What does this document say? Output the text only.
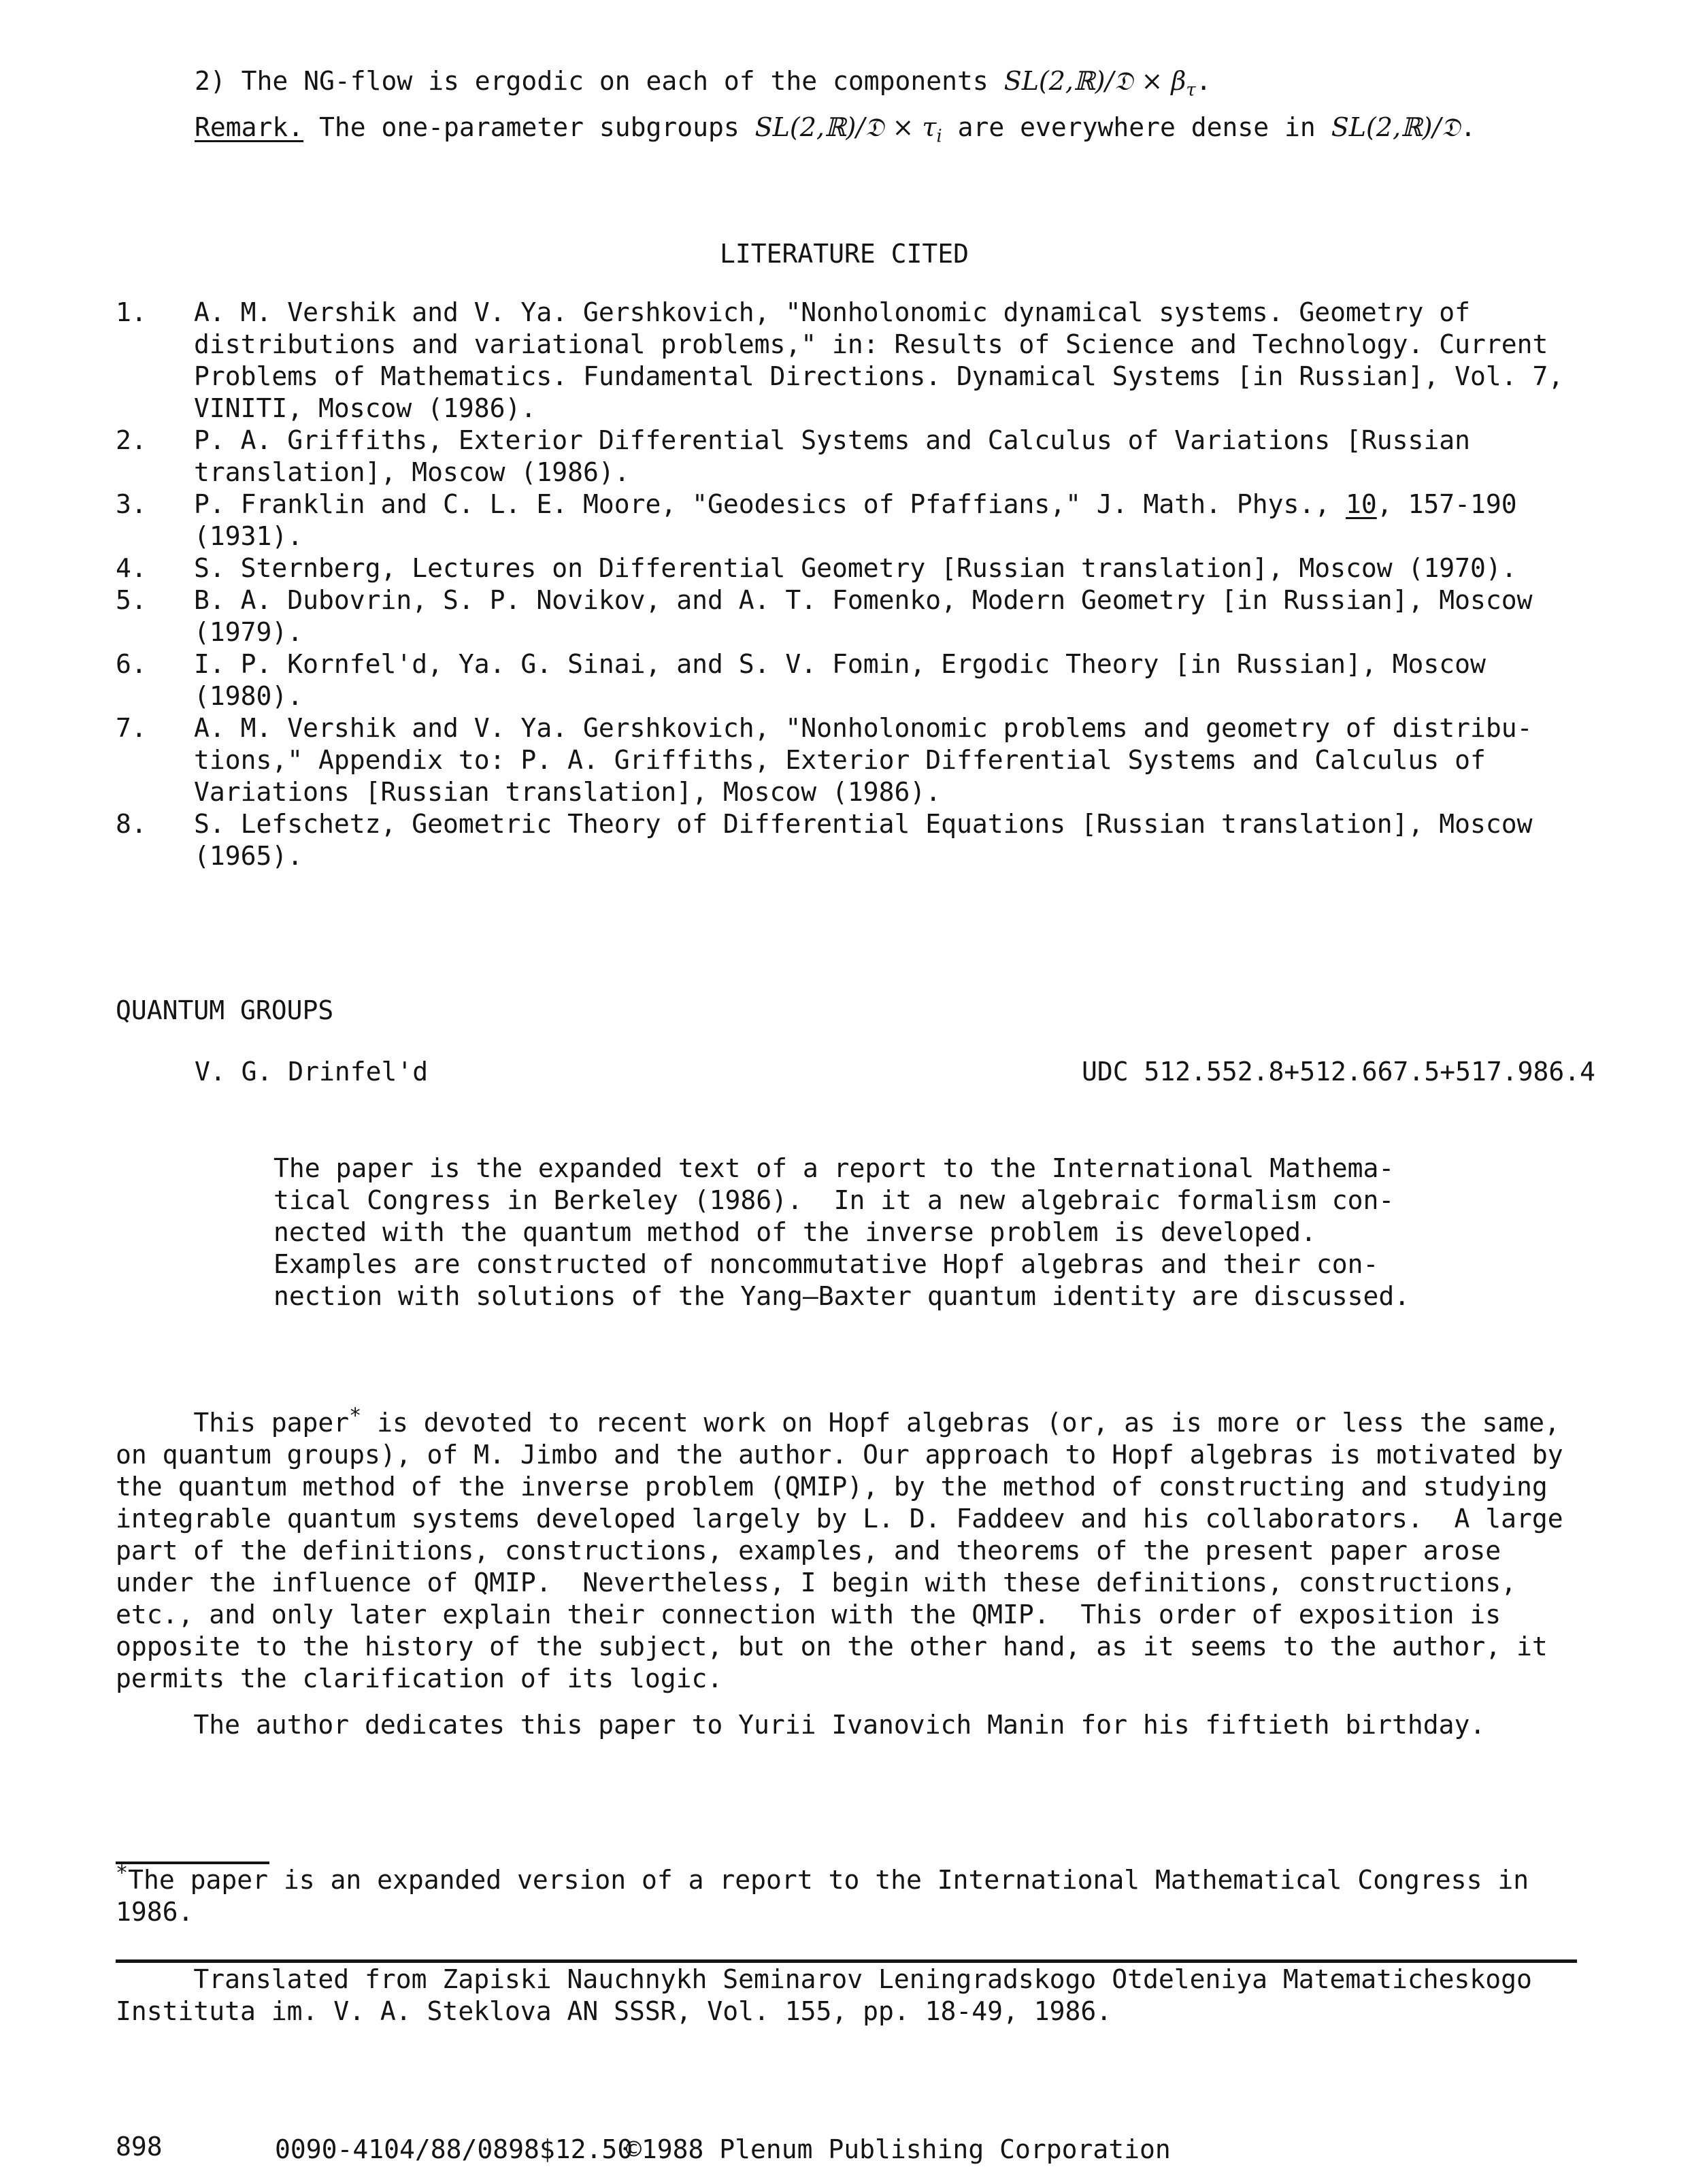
2) The NG-flow is ergodic on each of the components SL(2,ℝ)/𝔇 × $\beta_\tau$.
Remark. The one-parameter subgroups SL(2,ℝ)/𝔇 × $\tau_i$ are everywhere dense in SL(2,ℝ)/𝔇.
LITERATURE CITED
1. A. M. Vershik and V. Ya. Gershkovich, "Nonholonomic dynamical systems. Geometry of
distributions and variational problems," in: Results of Science and Technology. Current
Problems of Mathematics. Fundamental Directions. Dynamical Systems [in Russian], Vol. 7,
VINITI, Moscow (1986).
2. P. A. Griffiths, Exterior Differential Systems and Calculus of Variations [Russian
translation], Moscow (1986).
3. P. Franklin and C. L. E. Moore, "Geodesics of Pfaffians," J. Math. Phys., 10, 157-190
(1931).
4. S. Sternberg, Lectures on Differential Geometry [Russian translation], Moscow (1970).
5. B. A. Dubovrin, S. P. Novikov, and A. T. Fomenko, Modern Geometry [in Russian], Moscow
(1979).
6. I. P. Kornfel'd, Ya. G. Sinai, and S. V. Fomin, Ergodic Theory [in Russian], Moscow
(1980).
7. A. M. Vershik and V. Ya. Gershkovich, "Nonholonomic problems and geometry of distribu-
tions," Appendix to: P. A. Griffiths, Exterior Differential Systems and Calculus of
Variations [Russian translation], Moscow (1986).
8. S. Lefschetz, Geometric Theory of Differential Equations [Russian translation], Moscow
(1965).
QUANTUM GROUPS
V. G. Drinfel'd	UDC 512.552.8+512.667.5+517.986.4
The paper is the expanded text of a report to the International Mathema-
tical Congress in Berkeley (1986).  In it a new algebraic formalism con-
nected with the quantum method of the inverse problem is developed.
Examples are constructed of noncommutative Hopf algebras and their con-
nection with solutions of the Yang–Baxter quantum identity are discussed.
This paper* is devoted to recent work on Hopf algebras (or, as is more or less the same,
on quantum groups), of M. Jimbo and the author. Our approach to Hopf algebras is motivated by
the quantum method of the inverse problem (QMIP), by the method of constructing and studying
integrable quantum systems developed largely by L. D. Faddeev and his collaborators.  A large
part of the definitions, constructions, examples, and theorems of the present paper arose
under the influence of QMIP.  Nevertheless, I begin with these definitions, constructions,
etc., and only later explain their connection with the QMIP.  This order of exposition is
opposite to the history of the subject, but on the other hand, as it seems to the author, it
permits the clarification of its logic.
The author dedicates this paper to Yurii Ivanovich Manin for his fiftieth birthday.
*The paper is an expanded version of a report to the International Mathematical Congress in
1986.
Translated from Zapiski Nauchnykh Seminarov Leningradskogo Otdeleniya Matematicheskogo
Instituta im. V. A. Steklova AN SSSR, Vol. 155, pp. 18-49, 1986.
898	0090-4104/88/0898$12.50
©1988 Plenum Publishing Corporation
